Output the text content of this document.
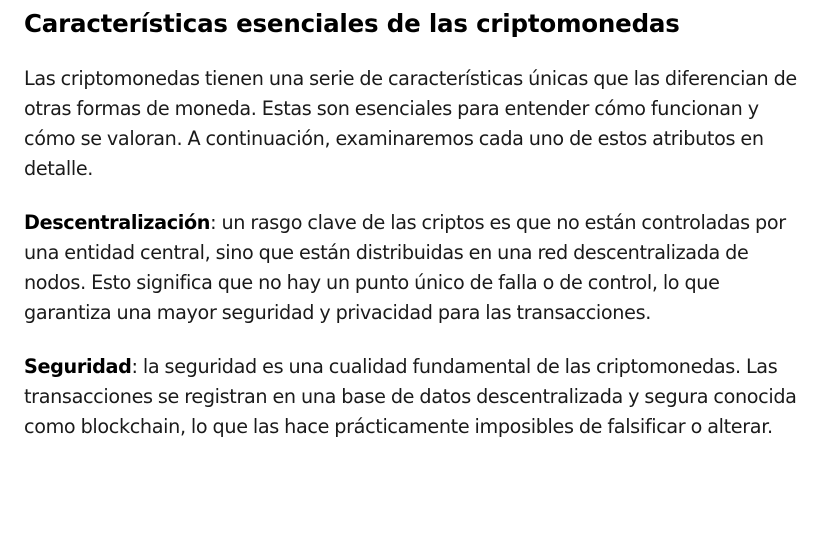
Características esenciales de las criptomonedas

Las criptomonedas tienen una serie de características únicas que las diferencian de otras formas de moneda. Estas son esenciales para entender cómo funcionan y cómo se valoran. A continuación, examinaremos cada uno de estos atributos en detalle.

Descentralización: un rasgo clave de las criptos es que no están controladas por una entidad central, sino que están distribuidas en una red descentralizada de nodos. Esto significa que no hay un punto único de falla o de control, lo que garantiza una mayor seguridad y privacidad para las transacciones.

Seguridad: la seguridad es una cualidad fundamental de las criptomonedas. Las transacciones se registran en una base de datos descentralizada y segura conocida como blockchain, lo que las hace prácticamente imposibles de falsificar o alterar.
